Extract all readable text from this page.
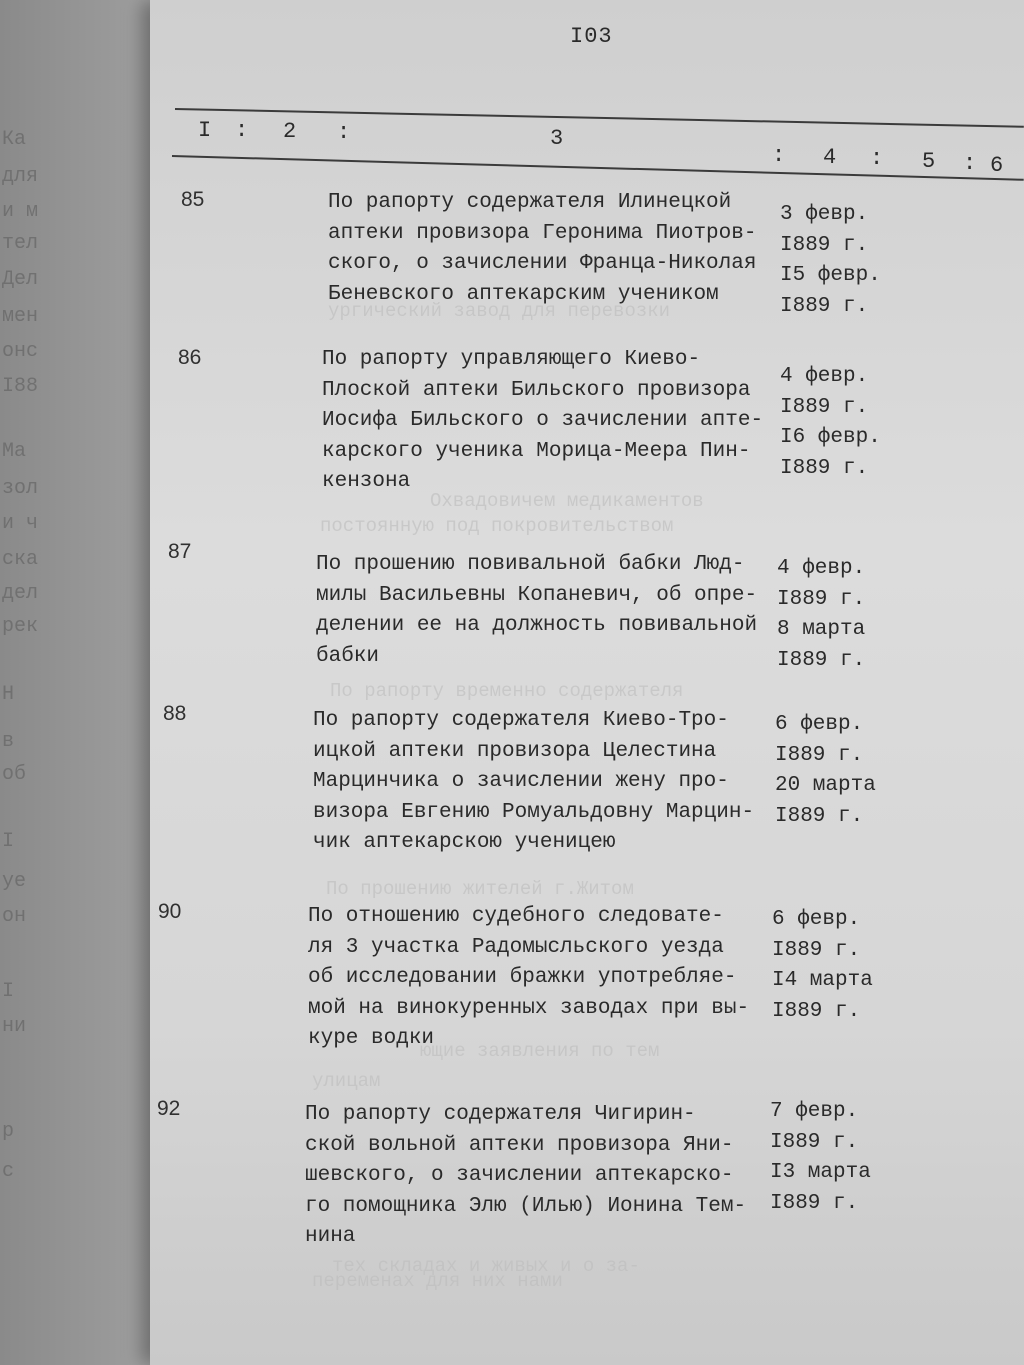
Ка
для
и м
тел
Дел
мен
онс
I88
Ма
зол
и ч
ска
дел
рек
Н
в
об
I
уе
он
I
ни
р
с
ургический завод для перевозки
Охвадовичем медикаментов
постоянную под покровительством
По рапорту временно содержателя
По прошению жителей г.Житом
ющие заявления по тем
улицам
тех складах и живых и о за-
переменах для них нами
I03
I : 2 :	3
: 4 : 5 : 6
85	По рапорту содержателя Илинецкой
аптеки провизора Геронима Пиотров-
ского, о зачислении Франца-Николая
Беневского аптекарским учеником
3 февр.
I889 г.
I5 февр.
I889 г.
86	По рапорту управляющего Киево-
Плоской аптеки Бильского провизора
Иосифа Бильского о зачислении апте-
карского ученика Морица-Меера Пин-
кензона
4 февр.
I889 г.
I6 февр.
I889 г.
87
По прошению повивальной бабки Люд-
милы Васильевны Копаневич, об опре-
делении ее на должность повивальной
бабки
4 февр.
I889 г.
8 марта
I889 г.
88	По рапорту содержателя Киево-Тро-
ицкой аптеки провизора Целестина
Марцинчика о зачислении жену про-
визора Евгению Ромуальдовну Марцин-
чик аптекарскою ученицею
6 февр.
I889 г.
20 марта
I889 г.
90	По отношению судебного следовате-
ля 3 участка Радомысльского уезда
об исследовании бражки употребляе-
мой на винокуренных заводах при вы-
куре водки
6 февр.
I889 г.
I4 марта
I889 г.
92	По рапорту содержателя Чигирин-
ской вольной аптеки провизора Яни-
шевского, о зачислении аптекарско-
го помощника Элю (Илью) Ионина Тем-
нина
7 февр.
I889 г.
I3 марта
I889 г.
